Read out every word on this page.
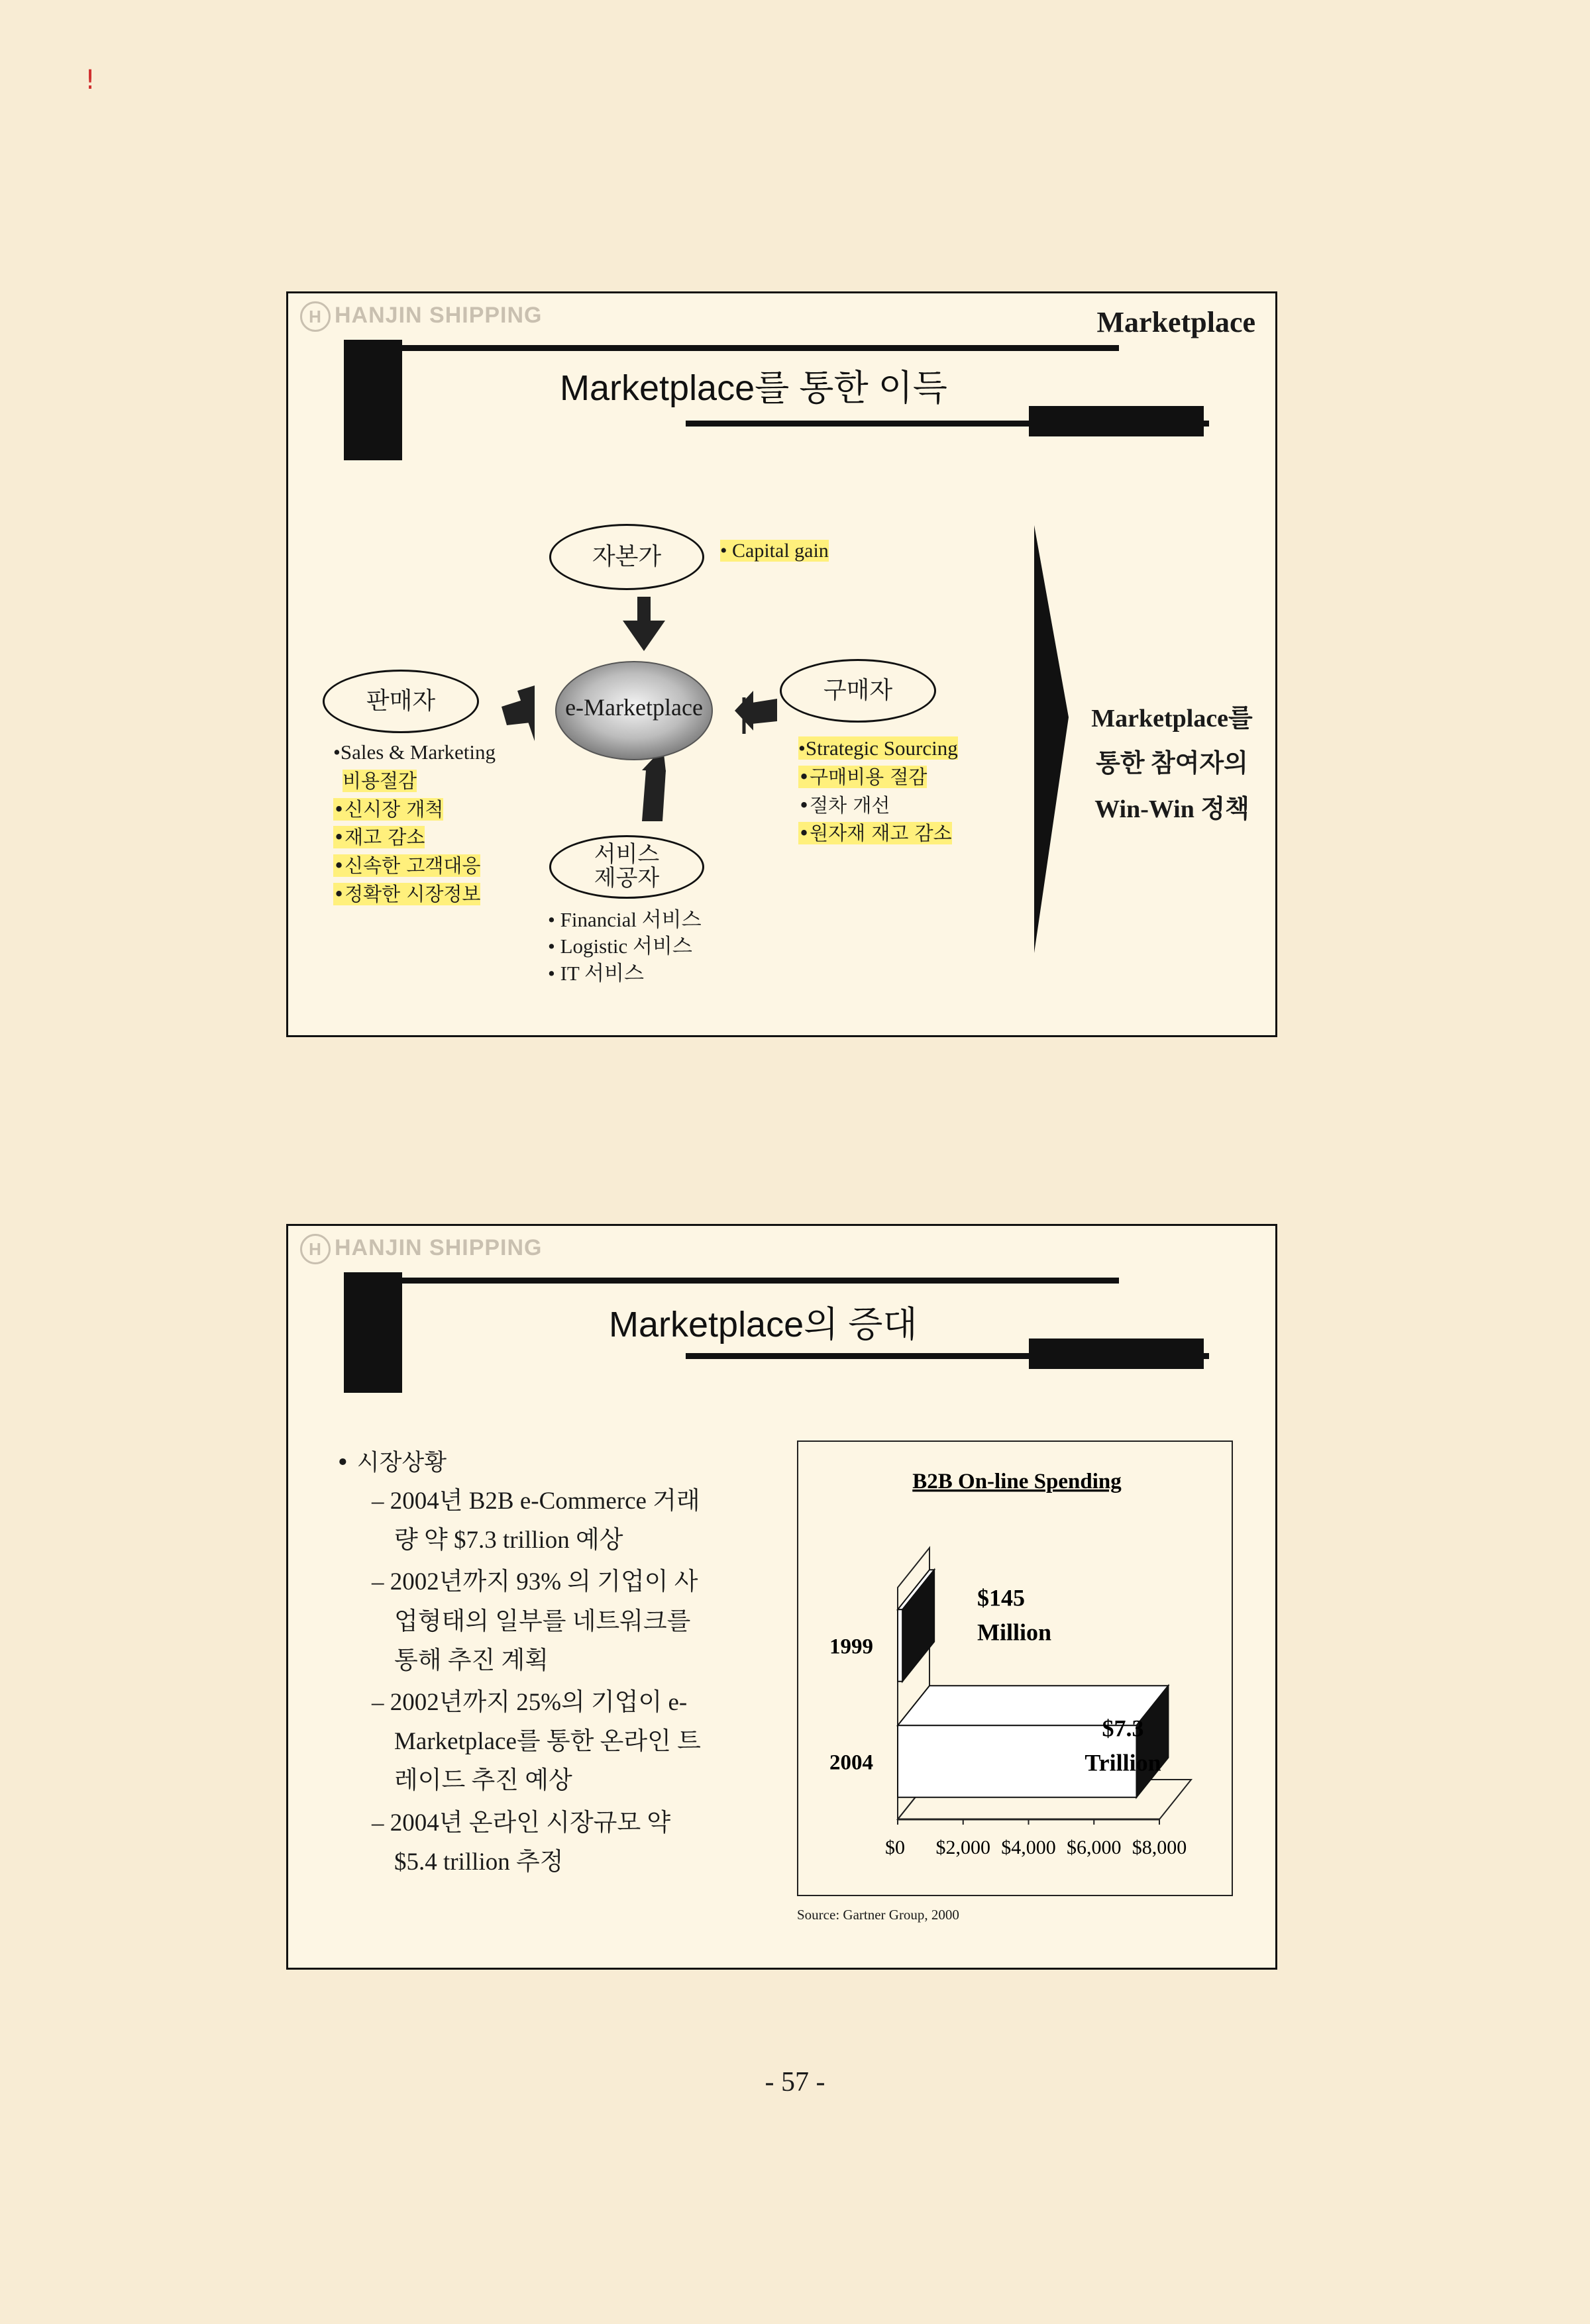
!
H HANJIN SHIPPING	Marketplace
Marketplace를 통한 이득
자본가	• Capital gain
판매자	e-Marketplace
구매자
서비스
제공자
•Sales & Marketing
비용절감
•신시장 개척
•재고 감소
•신속한 고객대응
•정확한 시장정보
•Strategic Sourcing
•구매비용 절감
•절차 개선
•원자재 재고 감소
• Financial 서비스
• Logistic 서비스
• IT 서비스
Marketplace를
통한 참여자의
Win-Win 정책
H HANJIN SHIPPING
Marketplace의 증대
• 시장상황
– 2004년 B2B e-Commerce 거래
량 약 $7.3 trillion 예상
– 2002년까지 93% 의 기업이 사
업형태의 일부를 네트워크를
통해 추진 계획
– 2002년까지 25%의 기업이 e-
Marketplace를 통한 온라인 트
레이드 추진 예상
– 2004년 온라인 시장규모 약
$5.4 trillion 추정
B2B On-line Spending
1999
$145
Million
2004
$7.3
Trillion
$0 $2,000 $4,000 $6,000 $8,000
Source: Gartner Group, 2000
- 57 -
